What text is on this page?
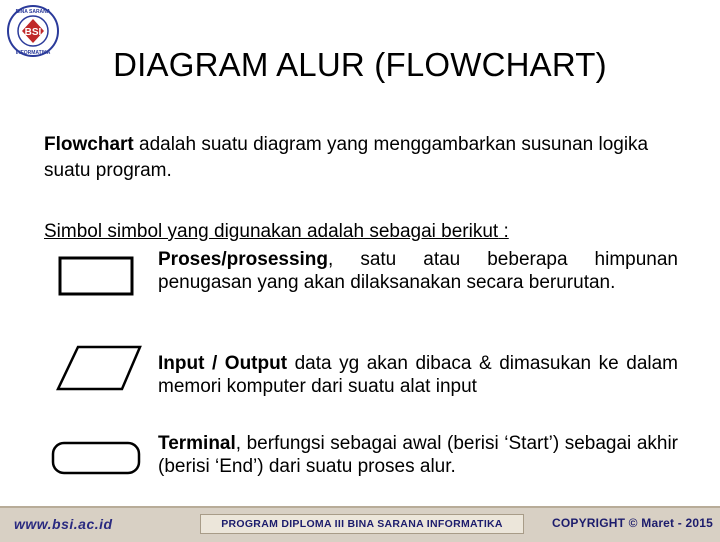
BSI
BINA SARANA
INFORMATIKA	DIAGRAM ALUR (FLOWCHART)
Flowchart adalah suatu diagram yang menggambarkan susunan logika suatu program.
Simbol simbol yang digunakan adalah sebagai berikut :
Proses/prosessing, satu atau beberapa himpunan penugasan yang akan dilaksanakan secara berurutan.
Input / Output data yg akan dibaca & dimasukan ke dalam memori komputer dari suatu alat input
Terminal, berfungsi sebagai awal (berisi ‘Start’) sebagai akhir (berisi ‘End’) dari suatu proses alur.
www.bsi.ac.id	PROGRAM DIPLOMA III BINA SARANA INFORMATIKA	COPYRIGHT © Maret - 2015
